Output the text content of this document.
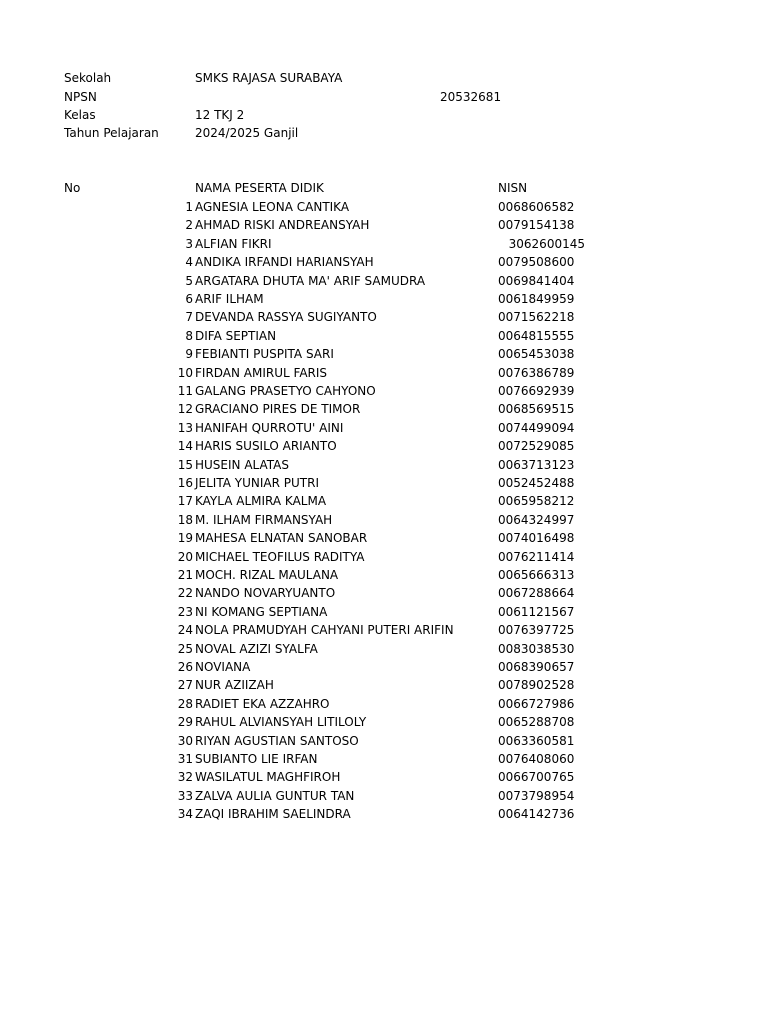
Sekolah	SMKS RAJASA SURABAYA
NPSN	20532681
Kelas	12 TKJ 2
Tahun Pelajaran	2024/2025 Ganjil
No	NAMA PESERTA DIDIK	NISN
1 AGNESIA LEONA CANTIKA	0068606582
2 AHMAD RISKI ANDREANSYAH	0079154138
3 ALFIAN FIKRI	3062600145
4 ANDIKA IRFANDI HARIANSYAH	0079508600
5 ARGATARA DHUTA MA' ARIF SAMUDRA	0069841404
6 ARIF ILHAM	0061849959
7 DEVANDA RASSYA SUGIYANTO	0071562218
8 DIFA SEPTIAN	0064815555
9 FEBIANTI PUSPITA SARI	0065453038
10 FIRDAN AMIRUL FARIS	0076386789
11 GALANG PRASETYO CAHYONO	0076692939
12 GRACIANO PIRES DE TIMOR	0068569515
13 HANIFAH QURROTU' AINI	0074499094
14 HARIS SUSILO ARIANTO	0072529085
15 HUSEIN ALATAS	0063713123
16 JELITA YUNIAR PUTRI	0052452488
17 KAYLA ALMIRA KALMA	0065958212
18 M. ILHAM FIRMANSYAH	0064324997
19 MAHESA ELNATAN SANOBAR	0074016498
20 MICHAEL TEOFILUS RADITYA	0076211414
21 MOCH. RIZAL MAULANA	0065666313
22 NANDO NOVARYUANTO	0067288664
23 NI KOMANG SEPTIANA	0061121567
24 NOLA PRAMUDYAH CAHYANI PUTERI ARIFIN	0076397725
25 NOVAL AZIZI SYALFA	0083038530
26 NOVIANA	0068390657
27 NUR AZIIZAH	0078902528
28 RADIET EKA AZZAHRO	0066727986
29 RAHUL ALVIANSYAH LITILOLY	0065288708
30 RIYAN AGUSTIAN SANTOSO	0063360581
31 SUBIANTO LIE IRFAN	0076408060
32 WASILATUL MAGHFIROH	0066700765
33 ZALVA AULIA GUNTUR TAN	0073798954
34 ZAQI IBRAHIM SAELINDRA	0064142736
